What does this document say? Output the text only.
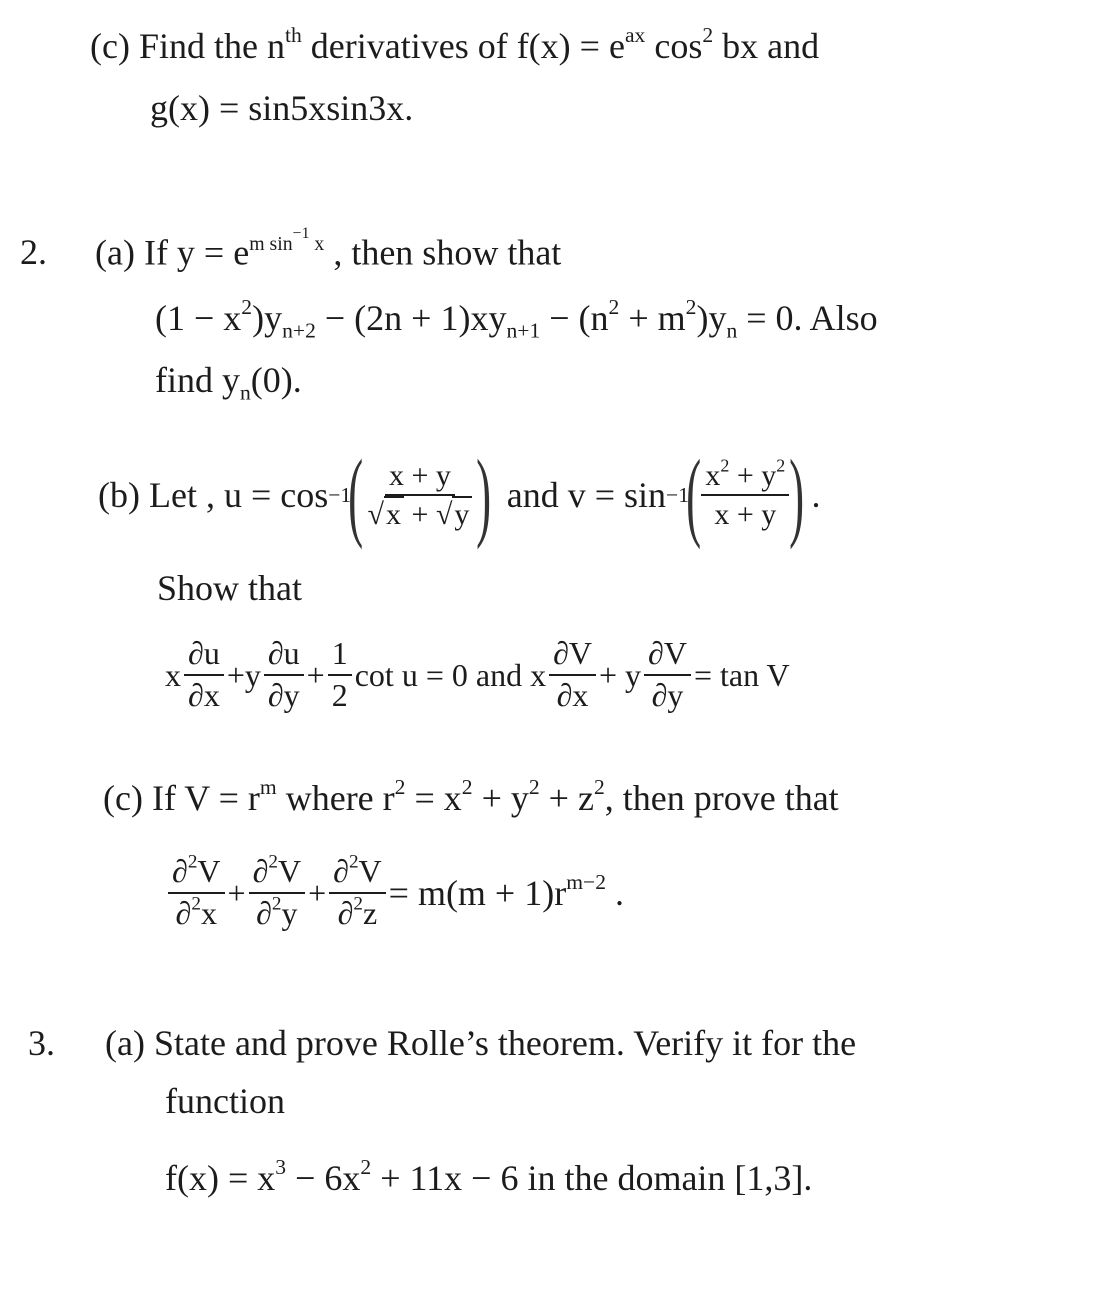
(c) Find the $n^{th}$ derivatives of $f(x) = e^{ax}$ $\cos^2$ bx and
g(x) = sin5xsin3x.
2. (a) If $y = e^{m sin^{-1} x}$ , then show that
$(1 - x^2)y_{n+2} - (2n + 1)xy_{n+1} - (n^2 + m^2)y_n = 0$. Also
find $y_n(0)$.
(b) Let , u = cos −1
( $\frac{x + y}{√x + √y}$ ) and v = sin −1
( $\frac{x^2 + y^2}{x + y}$ ) .
Show that
x $\frac{\partial u}{\partial x} +y \frac{\partial u}{\partial y} + \frac{1}{2}$ cot u = 0 and x $\frac{\partial V}{\partial x} + y \frac{\partial V}{\partial y} = \tan V$
(c) If $V = r^m$ where $r^2 = x^2 + y^2 + z^2$, then prove that
$\frac{\partial^2V}{\partial^2x} + \frac{\partial^2V}{\partial^2y} + \frac{\partial^2V}{\partial^2z} = m(m + 1)r^{m-2}$ .
3. (a) State and prove Rolle’s theorem. Verify it for the
function
$f(x) = x^3 - 6x^2 + 11x - 6$ in the domain [1,3].
